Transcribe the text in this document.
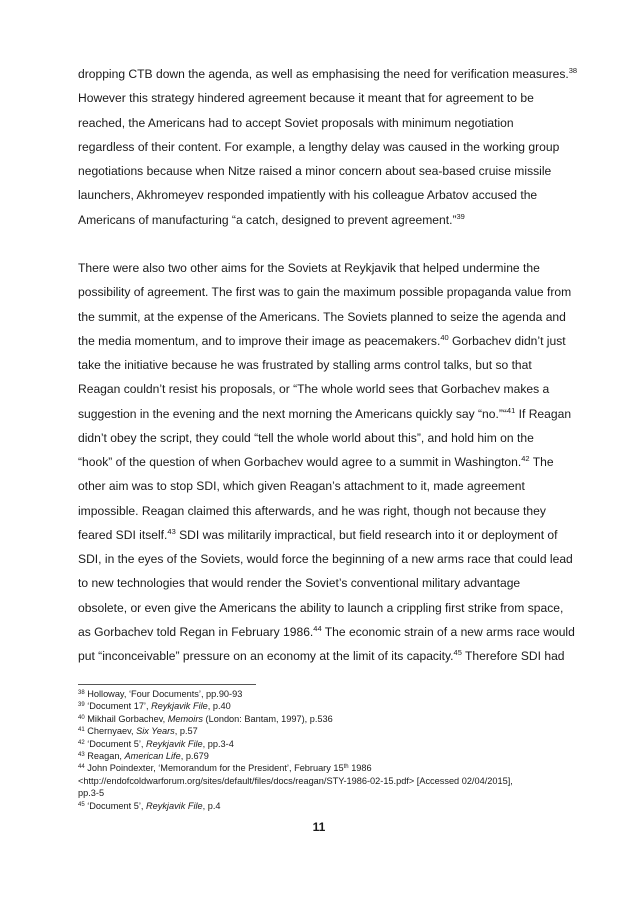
dropping CTB down the agenda, as well as emphasising the need for verification measures.$^{38}$
However this strategy hindered agreement because it meant that for agreement to be
reached, the Americans had to accept Soviet proposals with minimum negotiation
regardless of their content. For example, a lengthy delay was caused in the working group
negotiations because when Nitze raised a minor concern about sea-based cruise missile
launchers, Akhromeyev responded impatiently with his colleague Arbatov accused the
Americans of manufacturing “a catch, designed to prevent agreement.”$^{39}$
There were also two other aims for the Soviets at Reykjavik that helped undermine the
possibility of agreement. The first was to gain the maximum possible propaganda value from
the summit, at the expense of the Americans. The Soviets planned to seize the agenda and
the media momentum, and to improve their image as peacemakers.$^{40}$ Gorbachev didn’t just
take the initiative because he was frustrated by stalling arms control talks, but so that
Reagan couldn’t resist his proposals, or “The whole world sees that Gorbachev makes a
suggestion in the evening and the next morning the Americans quickly say “no.”“$^{41}$ If Reagan
didn’t obey the script, they could “tell the whole world about this”, and hold him on the
“hook” of the question of when Gorbachev would agree to a summit in Washington.$^{42}$ The
other aim was to stop SDI, which given Reagan’s attachment to it, made agreement
impossible. Reagan claimed this afterwards, and he was right, though not because they
feared SDI itself.$^{43}$ SDI was militarily impractical, but field research into it or deployment of
SDI, in the eyes of the Soviets, would force the beginning of a new arms race that could lead
to new technologies that would render the Soviet’s conventional military advantage
obsolete, or even give the Americans the ability to launch a crippling first strike from space,
as Gorbachev told Regan in February 1986.44 The economic strain of a new arms race would
put “inconceivable” pressure on an economy at the limit of its capacity.$^{45}$ Therefore SDI had
$^{38}$ Holloway, ‘Four Documents’, pp.90-93
$^{39}$ ‘Document 17’, Reykjavik File, p.40
$^{40}$ Mikhail Gorbachev, Memoirs (London: Bantam, 1997), p.536
$^{41}$ Chernyaev, Six Years, p.57
$^{42}$ ‘Document 5’, Reykjavik File, pp.3-4
$^{43}$ Reagan, American Life, p.679
$^{44}$ John Poindexter, ‘Memorandum for the President’, February 15th 1986
<http://endofcoldwarforum.org/sites/default/files/docs/reagan/STY-1986-02-15.pdf> [Accessed 02/04/2015],
pp.3-5
$^{45}$ ‘Document 5’, Reykjavik File, p.4
11
